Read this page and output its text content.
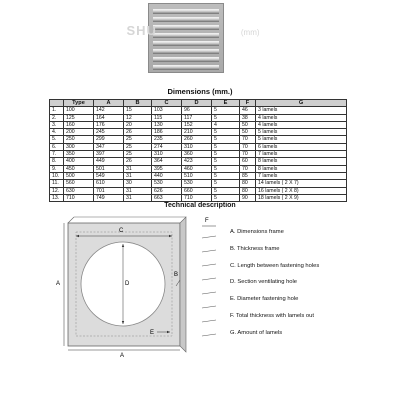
SHU	(mm)
Dimensions (mm.)
	Type	A	B	C	D	E	F	G
1.	100	142	15	103	96	5	46	3 lamels
2.	125	164	12	115	117	5	38	4 lamels
3.	160	176	20	130	152	4	50	4 lamels
4.	200	245	26	186	210	5	50	5 lamels
5.	250	299	25	235	260	5	70	5 lamels
6.	300	347	25	274	310	5	70	6 lamels
7.	350	397	25	310	360	5	70	7 lamels
8.	400	449	26	364	423	5	60	8 lamels
9.	450	501	31	395	460	5	70	8 lamels
10.	500	549	31	440	510	5	85	7 lamels
11.	560	610	30	530	530	5	80	14 lamels ( 2 X 7)
12.	630	701	31	626	660	5	80	16 lamels ( 2 X 8)
13.	710	749	31	663	710	5	90	18 lamels ( 2 X 9)
Technical description
F
C
D
A
A
B
E
A. Dimensions frame
B. Thickness frame
C. Length between fastening holes
D. Section ventilating hole
E. Diameter fastening hole
F. Total thickness with lamels out
G. Amount of lamels
